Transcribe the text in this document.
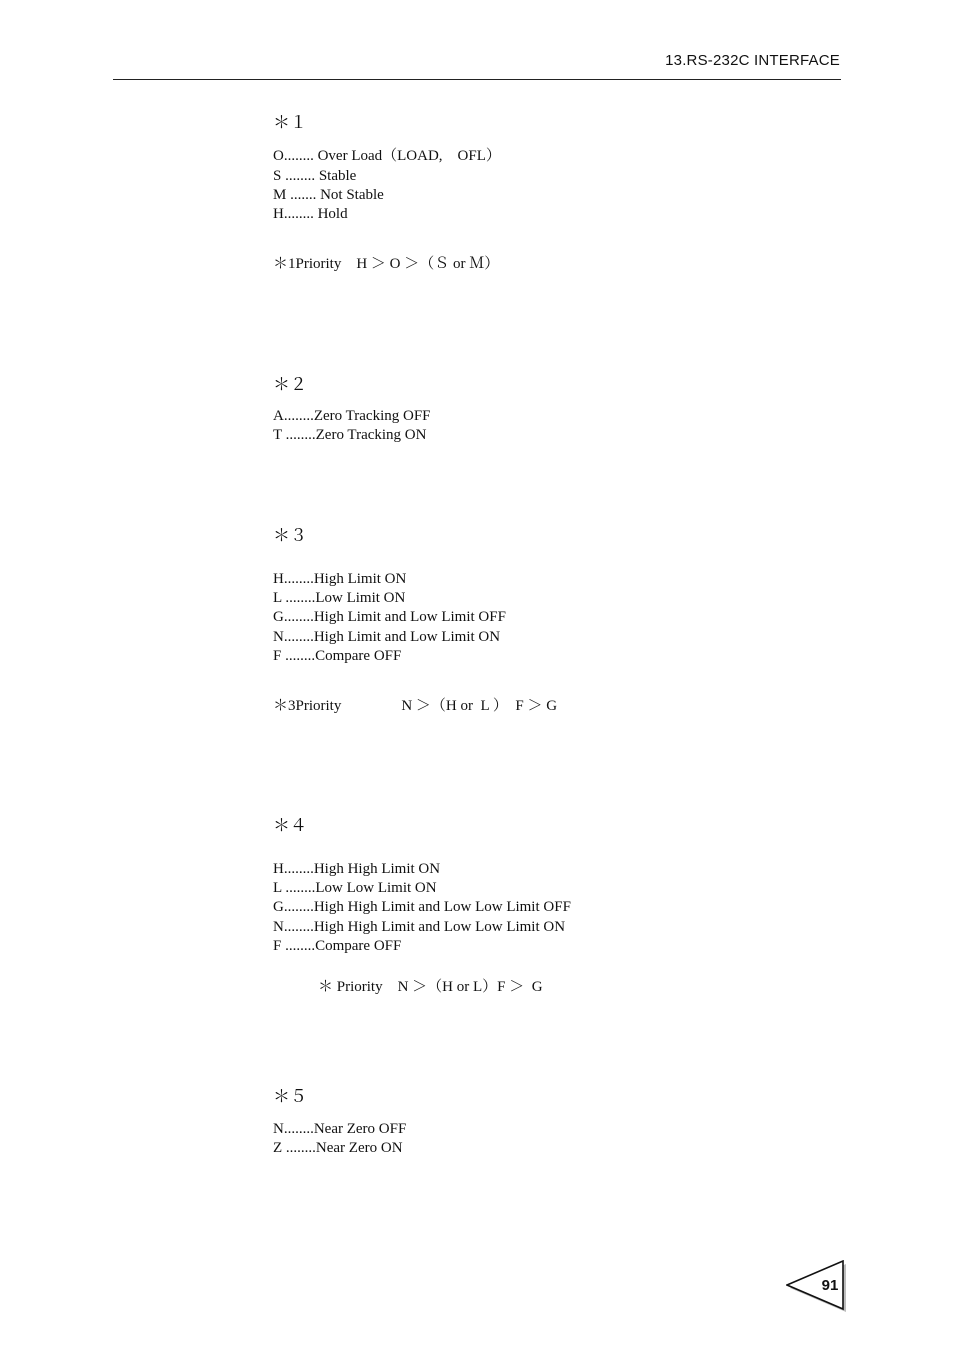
13.RS-232C INTERFACE
＊１
O........ Over Load（LOAD,　OFL）
S ........ Stable
M ....... Not Stable
H........ Hold
＊1Priority　H ＞ O ＞（Ｓ or Ｍ）
＊２
A........Zero Tracking OFF
T ........Zero Tracking ON
＊３
H........High Limit ON
L ........Low Limit ON
G........High Limit and Low Limit OFF
N........High Limit and Low Limit ON
F ........Compare OFF
＊3Priority　　　　N ＞（H or  L ）  F ＞ G
＊４
H........High High Limit ON
L ........Low Low Limit ON
G........High High Limit and Low Low Limit OFF
N........High High Limit and Low Low Limit ON
F ........Compare OFF
＊ Priority　N ＞（H or L）F ＞  G
＊５
N........Near Zero OFF
Z ........Near Zero ON
91
